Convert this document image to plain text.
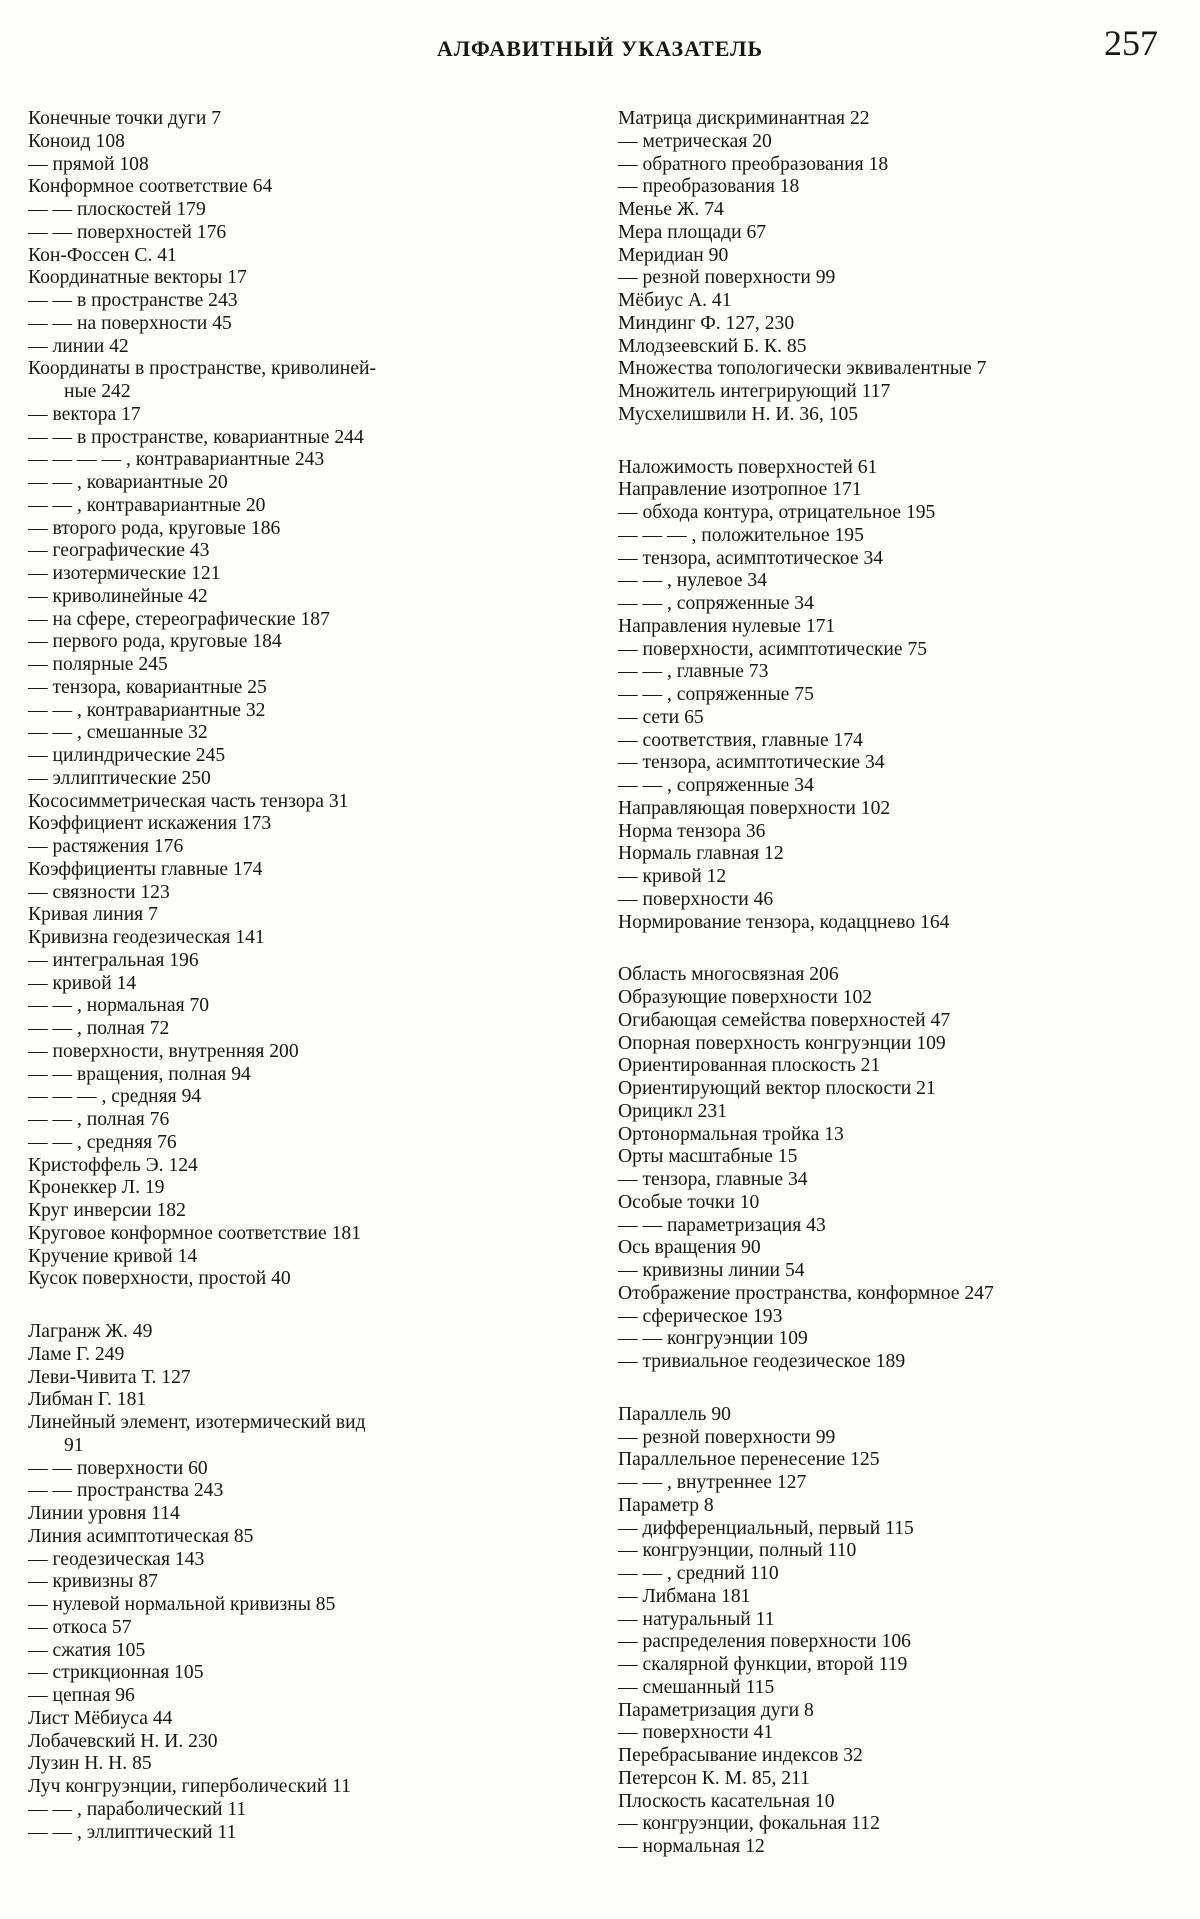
АЛФАВИТНЫЙ УКАЗАТЕЛЬ	257
Конечные точки дуги 7
Коноид 108
— прямой 108
Конформное соответствие 64
— — плоскостей 179
— — поверхностей 176
Кон-Фоссен С. 41
Координатные векторы 17
— — в пространстве 243
— — на поверхности 45
— линии 42
Координаты в пространстве, криволиней-
ные 242
— вектора 17
— — в пространстве, ковариантные 244
— — — — , контравариантные 243
— — , ковариантные 20
— — , контравариантные 20
— второго рода, круговые 186
— географические 43
— изотермические 121
— криволинейные 42
— на сфере, стереографические 187
— первого рода, круговые 184
— полярные 245
— тензора, ковариантные 25
— — , контравариантные 32
— — , смешанные 32
— цилиндрические 245
— эллиптические 250
Кососимметрическая часть тензора 31
Коэффициент искажения 173
— растяжения 176
Коэффициенты главные 174
— связности 123
Кривая линия 7
Кривизна геодезическая 141
— интегральная 196
— кривой 14
— — , нормальная 70
— — , полная 72
— поверхности, внутренняя 200
— — вращения, полная 94
— — — , средняя 94
— — , полная 76
— — , средняя 76
Кристоффель Э. 124
Кронеккер Л. 19
Круг инверсии 182
Круговое конформное соответствие 181
Кручение кривой 14
Кусок поверхности, простой 40
Лагранж Ж. 49
Ламе Г. 249
Леви-Чивита Т. 127
Либман Г. 181
Линейный элемент, изотермический вид
91
— — поверхности 60
— — пространства 243
Линии уровня 114
Линия асимптотическая 85
— геодезическая 143
— кривизны 87
— нулевой нормальной кривизны 85
— откоса 57
— сжатия 105
— стрикционная 105
— цепная 96
Лист Мёбиуса 44
Лобачевский Н. И. 230
Лузин Н. Н. 85
Луч конгруэнции, гиперболический 11
— — , параболический 11
— — , эллиптический 11
Матрица дискриминантная 22
— метрическая 20
— обратного преобразования 18
— преобразования 18
Менье Ж. 74
Мера площади 67
Меридиан 90
— резной поверхности 99
Мёбиус А. 41
Миндинг Ф. 127, 230
Млодзеевский Б. К. 85
Множества топологически эквивалентные 7
Множитель интегрирующий 117
Мусхелишвили Н. И. 36, 105
Наложимость поверхностей 61
Направление изотропное 171
— обхода контура, отрицательное 195
— — — , положительное 195
— тензора, асимптотическое 34
— — , нулевое 34
— — , сопряженные 34
Направления нулевые 171
— поверхности, асимптотические 75
— — , главные 73
— — , сопряженные 75
— сети 65
— соответствия, главные 174
— тензора, асимптотические 34
— — , сопряженные 34
Направляющая поверхности 102
Норма тензора 36
Нормаль главная 12
— кривой 12
— поверхности 46
Нормирование тензора, кодаццнево 164
Область многосвязная 206
Образующие поверхности 102
Огибающая семейства поверхностей 47
Опорная поверхность конгруэнции 109
Ориентированная плоскость 21
Ориентирующий вектор плоскости 21
Орицикл 231
Ортонормальная тройка 13
Орты масштабные 15
— тензора, главные 34
Особые точки 10
— — параметризация 43
Ось вращения 90
— кривизны линии 54
Отображение пространства, конформное 247
— сферическое 193
— — конгруэнции 109
— тривиальное геодезическое 189
Параллель 90
— резной поверхности 99
Параллельное перенесение 125
— — , внутреннее 127
Параметр 8
— дифференциальный, первый 115
— конгруэнции, полный 110
— — , средний 110
— Либмана 181
— натуральный 11
— распределения поверхности 106
— скалярной функции, второй 119
— смешанный 115
Параметризация дуги 8
— поверхности 41
Перебрасывание индексов 32
Петерсон К. М. 85, 211
Плоскость касательная 10
— конгруэнции, фокальная 112
— нормальная 12
